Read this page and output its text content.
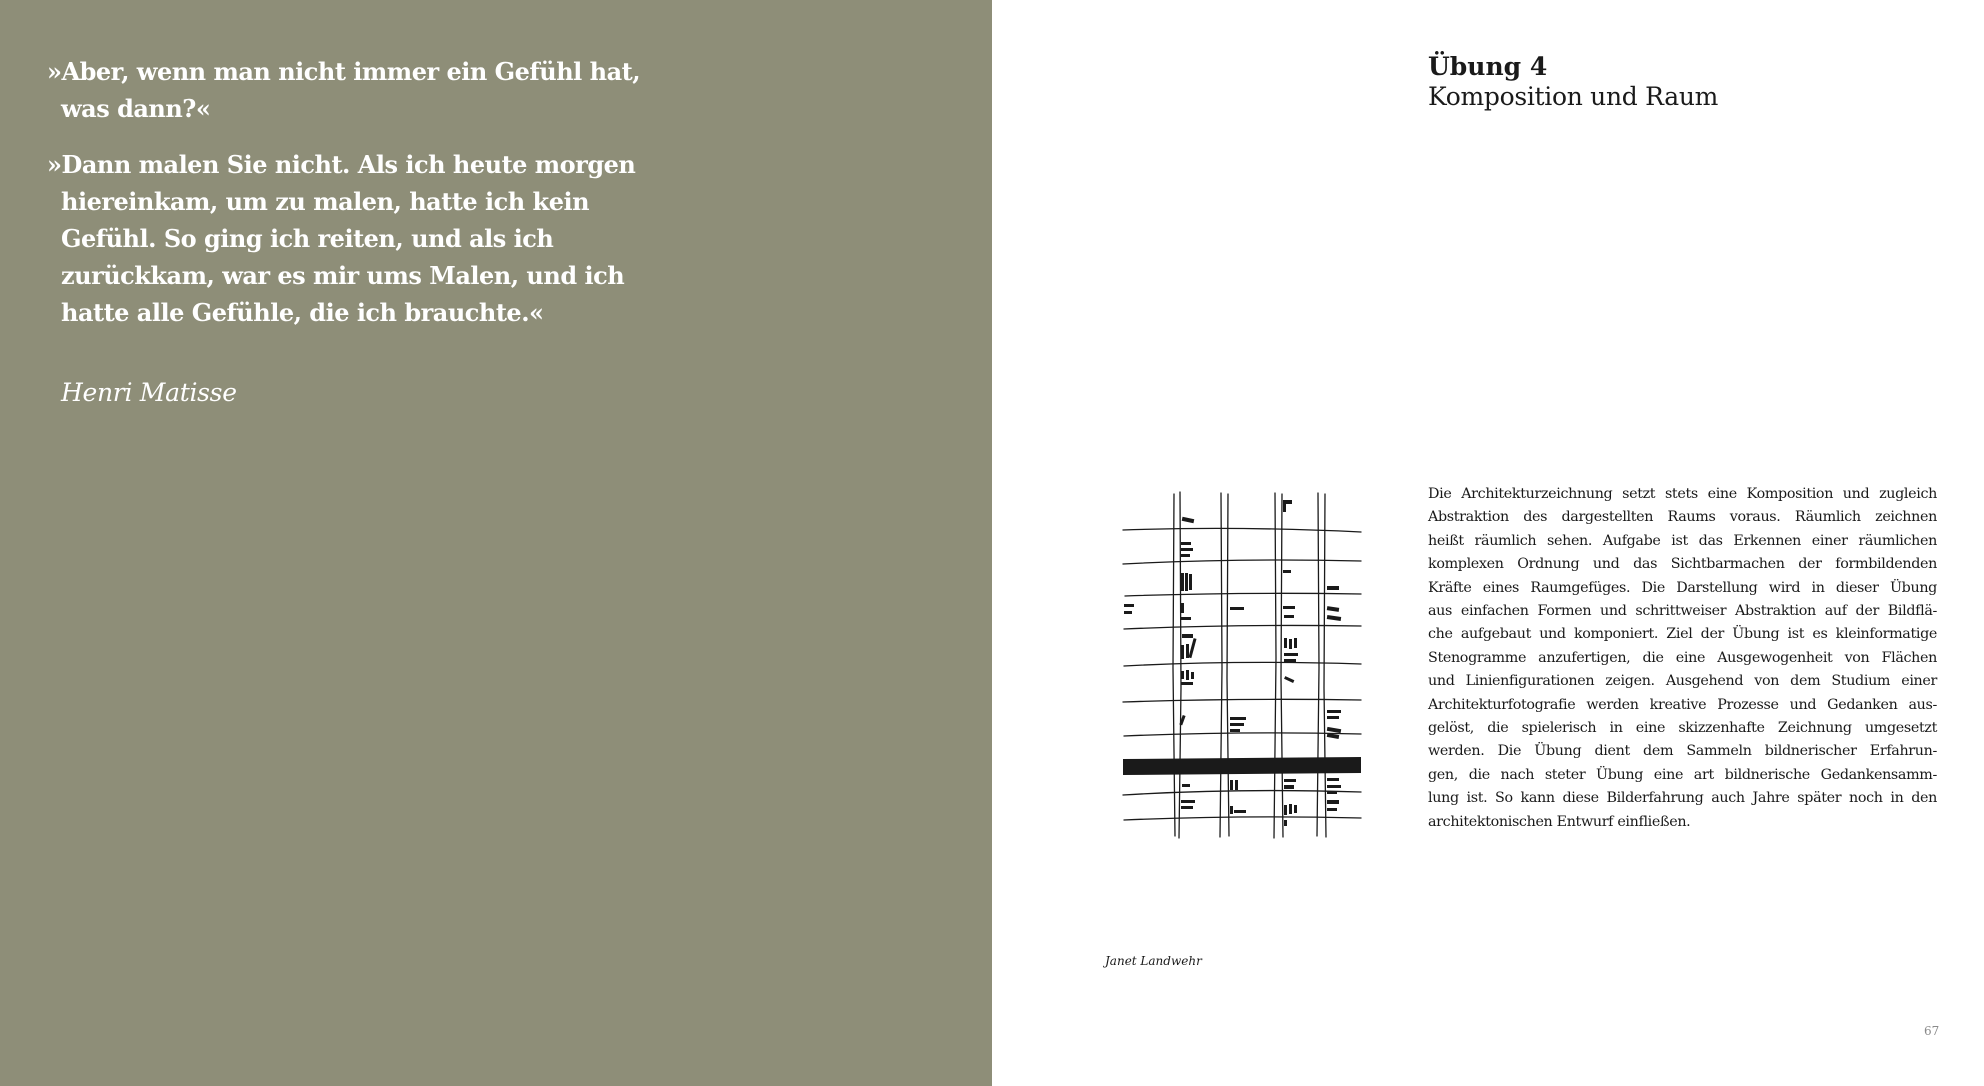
»Aber, wenn man nicht immer ein Gefühl hat,
was dann?«
»Dann malen Sie nicht. Als ich heute morgen
hiereinkam, um zu malen, hatte ich kein
Gefühl. So ging ich reiten, und als ich
zurückkam, war es mir ums Malen, und ich
hatte alle Gefühle, die ich brauchte.«
Henri Matisse
Übung 4
Komposition und Raum
Die Architekturzeichnung setzt stets eine Komposition und zugleich
Abstraktion des dargestellten Raums voraus. Räumlich zeichnen
heißt räumlich sehen. Aufgabe ist das Erkennen einer räumlichen
komplexen Ordnung und das Sichtbarmachen der formbildenden
Kräfte eines Raumgefüges. Die Darstellung wird in dieser Übung
aus einfachen Formen und schrittweiser Abstraktion auf der Bildflä-
che aufgebaut und komponiert. Ziel der Übung ist es kleinformatige
Stenogramme anzufertigen, die eine Ausgewogenheit von Flächen
und Linienfigurationen zeigen. Ausgehend von dem Studium einer
Architekturfotografie werden kreative Prozesse und Gedanken aus-
gelöst, die spielerisch in eine skizzenhafte Zeichnung umgesetzt
werden. Die Übung dient dem Sammeln bildnerischer Erfahrun-
gen, die nach steter Übung eine art bildnerische Gedankensamm-
lung ist. So kann diese Bilderfahrung auch Jahre später noch in den
architektonischen Entwurf einfließen.
Janet Landwehr
67
